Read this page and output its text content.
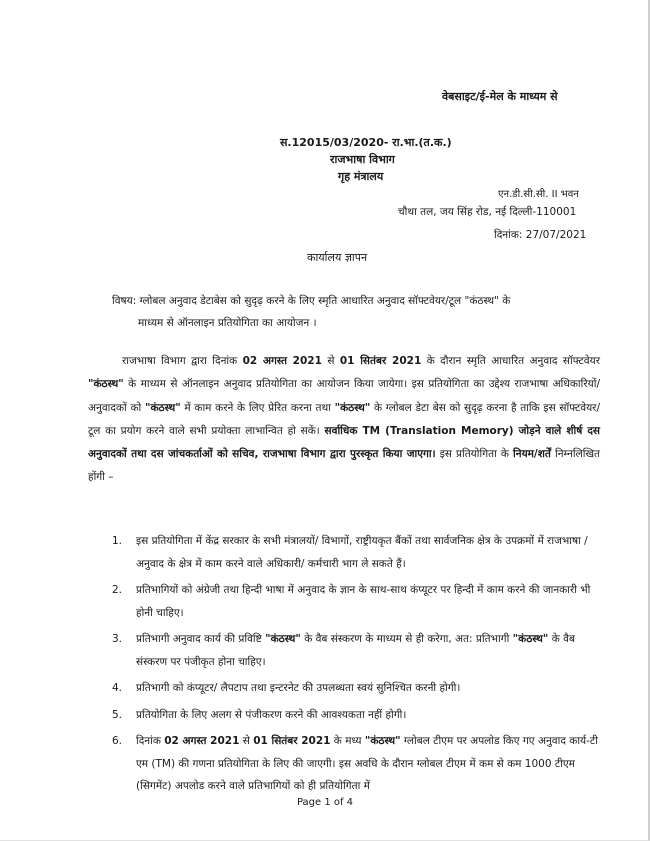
वेबसाइट/ई-मेल के माध्यम से
स.12015/03/2020- रा.भा.(त.क.)
राजभाषा विभाग
गृह मंत्रालय
एन.डी.सी.सी. II भवन
चौथा तल, जय सिंह रोड, नई दिल्ली-110001
दिनांक: 27/07/2021
कार्यालय ज्ञापन
विषय: ग्लोबल अनुवाद डेटाबेस को सुदृढ़ करने के लिए स्मृति आधारित अनुवाद सॉफ्टवेयर/टूल "कंठस्थ" के
माध्यम से ऑनलाइन प्रतियोगिता का आयोजन ।
राजभाषा विभाग द्वारा दिनांक 02 अगस्त 2021 से 01 सितंबर 2021 के दौरान स्मृति आधारित अनुवाद सॉफ्टवेयर "कंठस्थ" के माध्यम से ऑनलाइन अनुवाद प्रतियोगिता का आयोजन किया जायेगा। इस प्रतियोगिता का उद्देश्य राजभाषा अधिकारियों/अनुवादकों को "कंठस्थ" में काम करने के लिए प्रेरित करना तथा "कंठस्थ" के ग्लोबल डेटा बेस को सुदृढ़ करना है ताकि इस सॉफ्टवेयर/टूल का प्रयोग करने वाले सभी प्रयोक्ता लाभान्वित हो सकें। सर्वाधिक TM (Translation Memory) जोड़ने वाले शीर्ष दस अनुवादकों तथा दस जांचकर्ताओं को सचिव, राजभाषा विभाग द्वारा पुरस्कृत किया जाएगा। इस प्रतियोगिता के नियम/शर्तें निम्नलिखित होंगी –
1. इस प्रतियोगिता में केंद्र सरकार के सभी मंत्रालयों/ विभागों, राष्ट्रीयकृत बैंकों तथा सार्वजनिक क्षेत्र के उपक्रमों में राजभाषा /अनुवाद के क्षेत्र में काम करने वाले अधिकारी/ कर्मचारी भाग ले सकते हैं।
2. प्रतिभागियों को अंग्रेजी तथा हिन्दी भाषा में अनुवाद के ज्ञान के साथ-साथ कंप्यूटर पर हिन्दी में काम करने की जानकारी भी होनी चाहिए।
3. प्रतिभागी अनुवाद कार्य की प्रविष्टि "कंठस्थ" के वैब संस्करण के माध्यम से ही करेगा, अत: प्रतिभागी "कंठस्थ" के वैब संस्करण पर पंजीकृत होना चाहिए।
4. प्रतिभागी को कंप्यूटर/ लैपटाप तथा इन्टरनेट की उपलब्धता स्वयं सुनिश्चित करनी होगी।
5. प्रतियोगिता के लिए अलग से पंजीकरण करने की आवश्यकता नहीं होगी।
6. दिनांक 02 अगस्त 2021 से 01 सितंबर 2021 के मध्य "कंठस्थ" ग्लोबल टीएम पर अपलोड किए गए अनुवाद कार्य-टी एम (TM) की गणना प्रतियोगिता के लिए की जाएगी। इस अवधि के दौरान ग्लोबल टीएम में कम से कम 1000 टीएम (सिगमेंट) अपलोड करने वाले प्रतिभागियों को ही प्रतियोगिता में
Page 1 of 4
